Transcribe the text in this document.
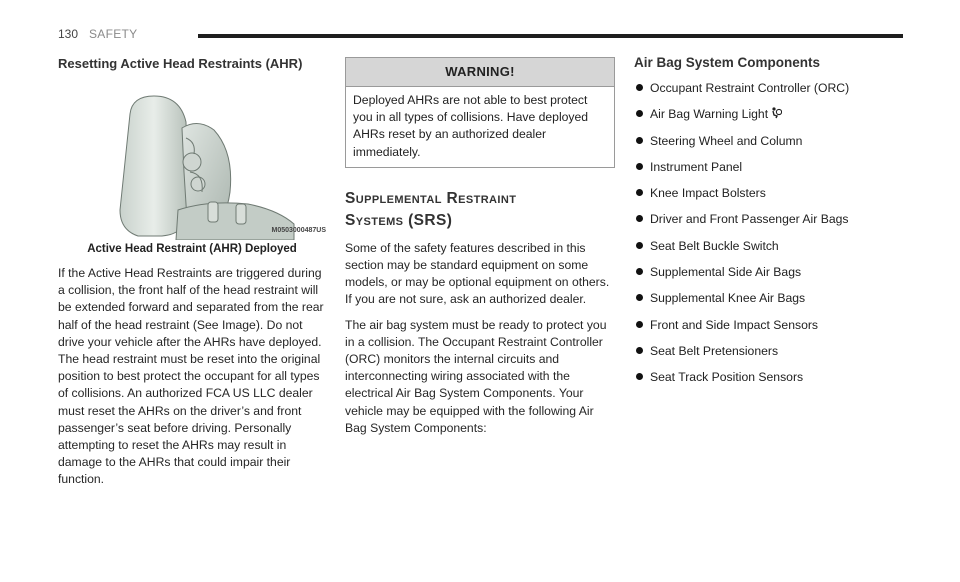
130 SAFETY
Resetting Active Head Restraints (AHR)
M0503000487US
Active Head Restraint (AHR) Deployed

If the Active Head Restraints are triggered during a collision, the front half of the head restraint will be extended forward and separated from the rear half of the head restraint (See Image). Do not drive your vehicle after the AHRs have deployed. The head restraint must be reset into the original position to best protect the occupant for all types of collisions. An authorized FCA US LLC dealer must reset the AHRs on the driver’s and front passenger’s seat before driving. Personally attempting to reset the AHRs may result in damage to the AHRs that could impair their function.

WARNING!
Deployed AHRs are not able to best protect you in all types of collisions. Have deployed AHRs reset by an authorized dealer immediately.
Supplemental Restraint
Systems (SRS)

Some of the safety features described in this section may be standard equipment on some models, or may be optional equipment on others. If you are not sure, ask an authorized dealer.

The air bag system must be ready to protect you in a collision. The Occupant Restraint Controller (ORC) monitors the internal circuits and interconnecting wiring associated with the electrical Air Bag System Components. Your vehicle may be equipped with the following Air Bag System Components:

Air Bag System Components
Occupant Restraint Controller (ORC)
Air Bag Warning Light
Steering Wheel and Column
Instrument Panel
Knee Impact Bolsters
Driver and Front Passenger Air Bags
Seat Belt Buckle Switch
Supplemental Side Air Bags
Supplemental Knee Air Bags
Front and Side Impact Sensors
Seat Belt Pretensioners
Seat Track Position Sensors
